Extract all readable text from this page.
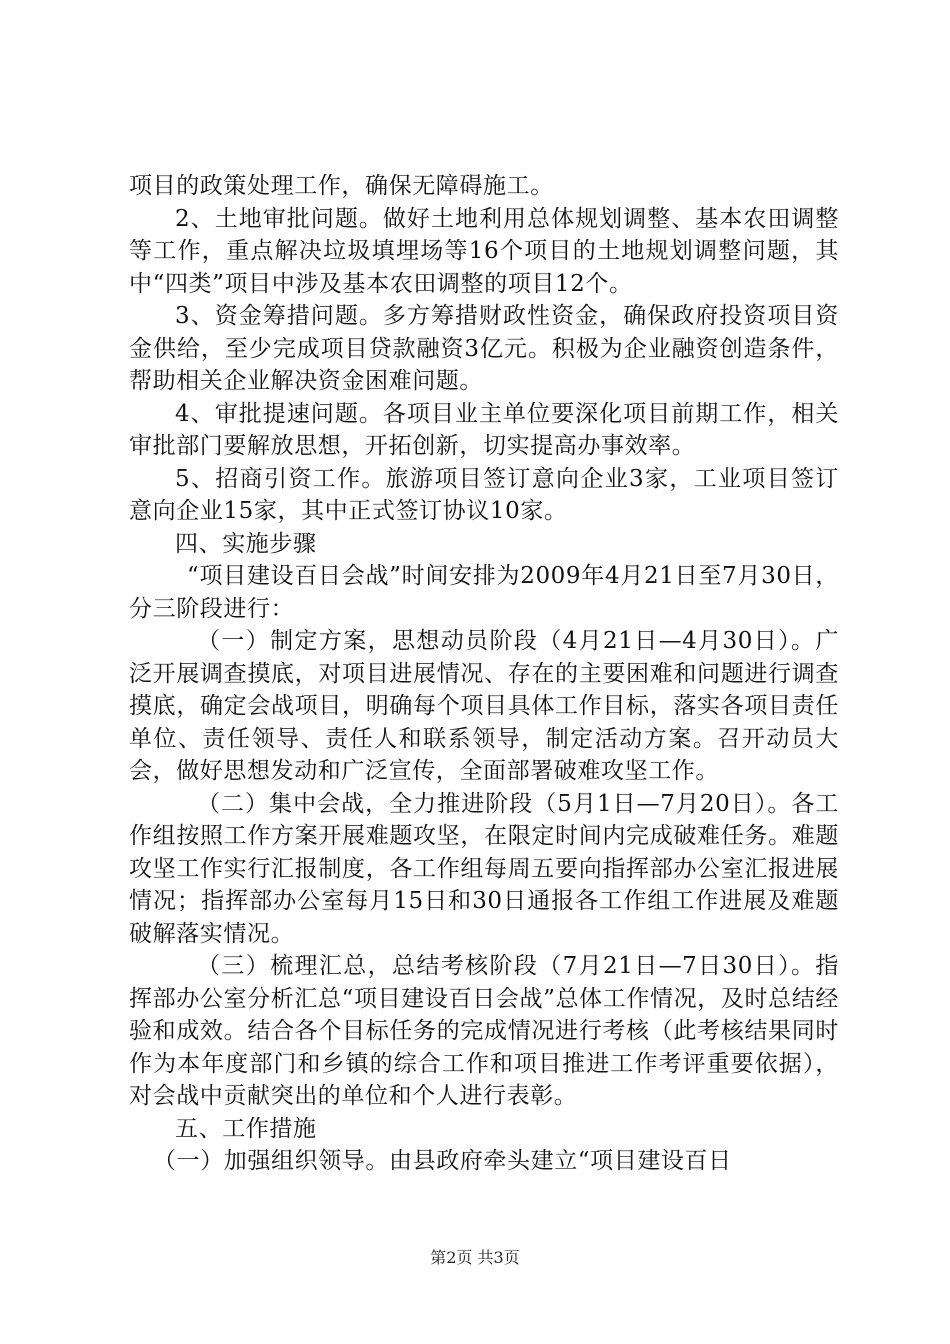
项目的政策处理工作，确保无障碍施工。

2、土地审批问题。做好土地利用总体规划调整、基本农田调整等工作，重点解决垃圾填埋场等16个项目的土地规划调整问题，其中“四类”项目中涉及基本农田调整的项目12个。

3、资金筹措问题。多方筹措财政性资金，确保政府投资项目资金供给，至少完成项目贷款融资3亿元。积极为企业融资创造条件，帮助相关企业解决资金困难问题。

4、审批提速问题。各项目业主单位要深化项目前期工作，相关审批部门要解放思想，开拓创新，切实提高办事效率。

5、招商引资工作。旅游项目签订意向企业3家，工业项目签订意向企业15家，其中正式签订协议10家。

四、实施步骤

“项目建设百日会战”时间安排为2009年4月21日至7月30日，分三阶段进行：

（一）制定方案，思想动员阶段（4月21日—4月30日）。广泛开展调查摸底，对项目进展情况、存在的主要困难和问题进行调查摸底，确定会战项目，明确每个项目具体工作目标，落实各项目责任单位、责任领导、责任人和联系领导，制定活动方案。召开动员大会，做好思想发动和广泛宣传，全面部署破难攻坚工作。

（二）集中会战，全力推进阶段（5月1日—7月20日）。各工作组按照工作方案开展难题攻坚，在限定时间内完成破难任务。难题攻坚工作实行汇报制度，各工作组每周五要向指挥部办公室汇报进展情况；指挥部办公室每月15日和30日通报各工作组工作进展及难题破解落实情况。

（三）梳理汇总，总结考核阶段（7月21日—7日30日）。指挥部办公室分析汇总“项目建设百日会战”总体工作情况，及时总结经验和成效。结合各个目标任务的完成情况进行考核（此考核结果同时作为本年度部门和乡镇的综合工作和项目推进工作考评重要依据），对会战中贡献突出的单位和个人进行表彰。

五、工作措施

（一）加强组织领导。由县政府牵头建立“项目建设百日

第2页 共3页
